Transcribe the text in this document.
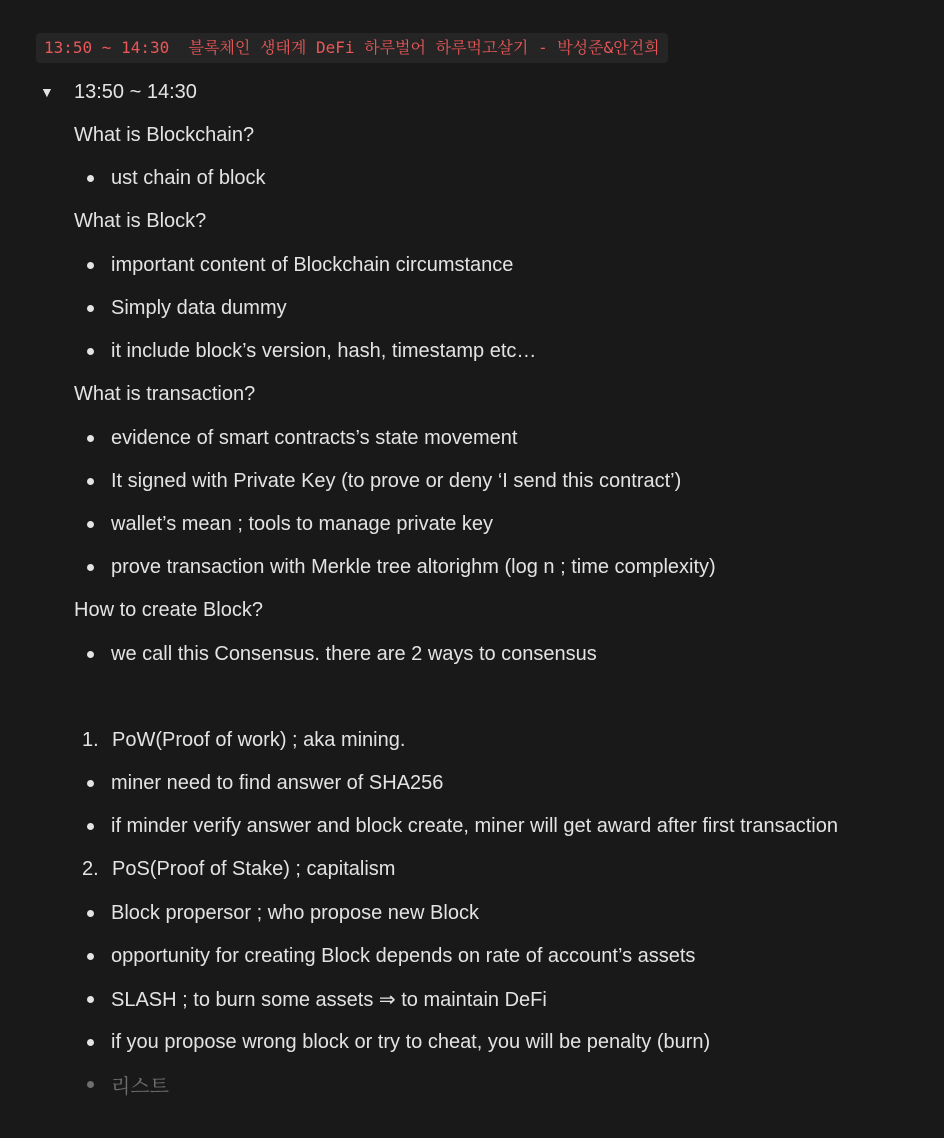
13:50 ~ 14:30  블록체인 생태계 DeFi 하루벌어 하루먹고살기 - 박성준&안건희
▼	13:50 ~ 14:30
What is Blockchain?
ust chain of block
What is Block?
important content of Blockchain circumstance
Simply data dummy
it include block’s version, hash, timestamp etc…
What is transaction?
evidence of smart contracts’s state movement
It signed with Private Key (to prove or deny ‘I send this contract’)
wallet’s mean ; tools to manage private key
prove transaction with Merkle tree altorighm (log n ; time complexity)
How to create Block?
we call this Consensus. there are 2 ways to consensus
1. PoW(Proof of work) ; aka mining.
miner need to find answer of SHA256
if minder verify answer and block create, miner will get award after first transaction
2. PoS(Proof of Stake) ; capitalism
Block propersor ; who propose new Block
opportunity for creating Block depends on rate of account’s assets
SLASH ; to burn some assets ⇒ to maintain DeFi
if you propose wrong block or try to cheat, you will be penalty (burn)
리스트
